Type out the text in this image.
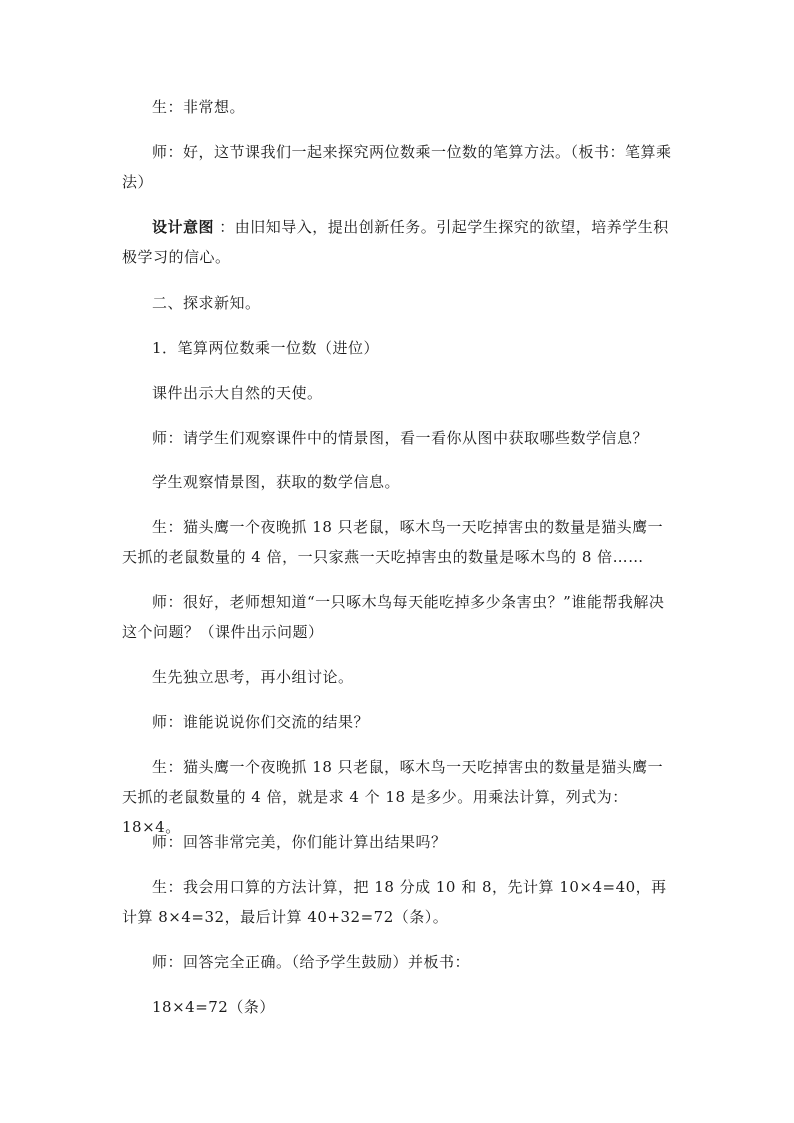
生：非常想。

师：好，这节课我们一起来探究两位数乘一位数的笔算方法。（板书：笔算乘法）

设计意图 ：由旧知导入，提出创新任务。引起学生探究的欲望，培养学生积极学习的信心。

二、探求新知。

1．笔算两位数乘一位数（进位）

课件出示大自然的天使。

师：请学生们观察课件中的情景图，看一看你从图中获取哪些数学信息？

学生观察情景图，获取的数学信息。

生：猫头鹰一个夜晚抓 18 只老鼠，啄木鸟一天吃掉害虫的数量是猫头鹰一天抓的老鼠数量的 4 倍，一只家燕一天吃掉害虫的数量是啄木鸟的 8 倍……

师：很好，老师想知道“一只啄木鸟每天能吃掉多少条害虫？”谁能帮我解决这个问题？（课件出示问题）

生先独立思考，再小组讨论。

师：谁能说说你们交流的结果？

生：猫头鹰一个夜晚抓 18 只老鼠，啄木鸟一天吃掉害虫的数量是猫头鹰一天抓的老鼠数量的 4 倍，就是求 4 个 18 是多少。用乘法计算，列式为：18×4。

师：回答非常完美，你们能计算出结果吗？

生：我会用口算的方法计算，把 18 分成 10 和 8，先计算 10×4=40，再计算 8×4=32，最后计算 40+32=72（条）。

师：回答完全正确。（给予学生鼓励）并板书：

18×4=72（条）
